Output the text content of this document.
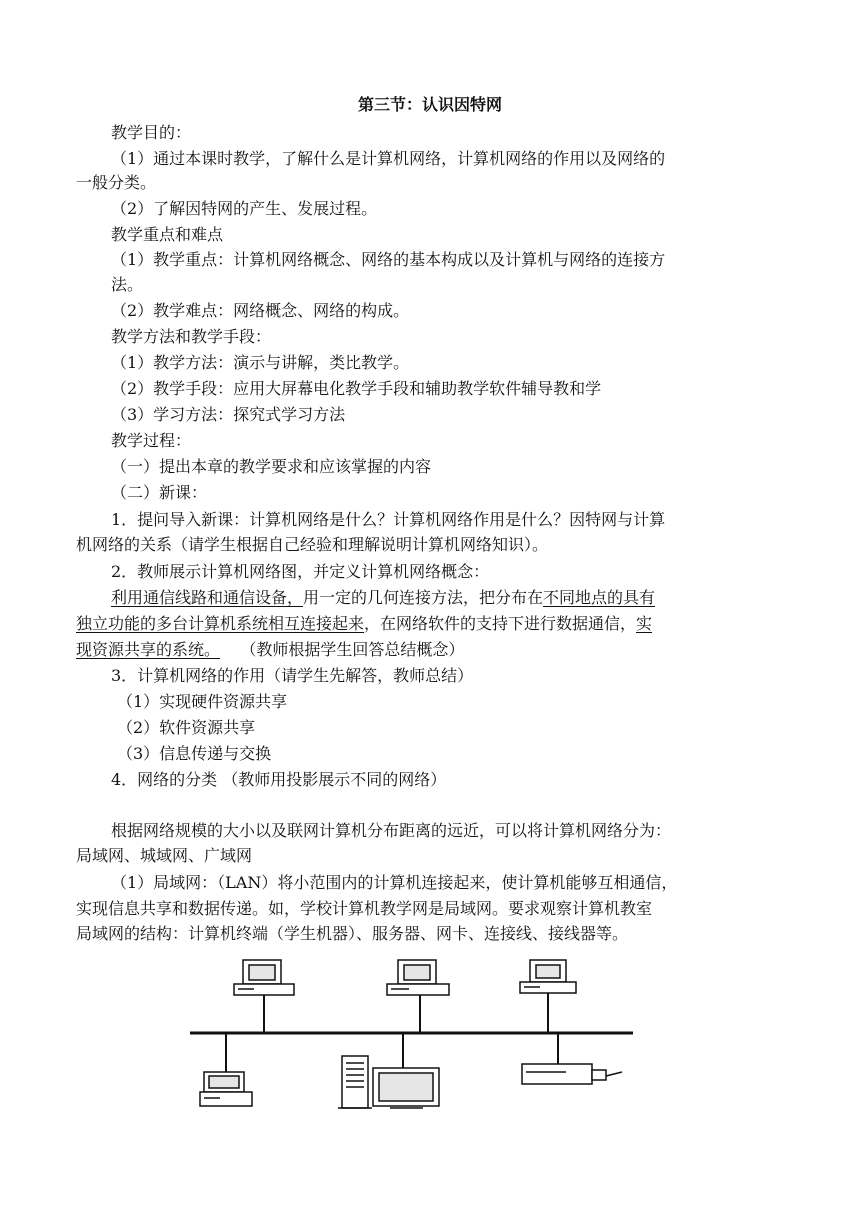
第三节：认识因特网
教学目的：
（1）通过本课时教学，了解什么是计算机网络，计算机网络的作用以及网络的
一般分类。
（2）了解因特网的产生、发展过程。
教学重点和难点
（1）教学重点：计算机网络概念、网络的基本构成以及计算机与网络的连接方
法。
（2）教学难点：网络概念、网络的构成。
教学方法和教学手段：
（1）教学方法：演示与讲解，类比教学。
（2）教学手段：应用大屏幕电化教学手段和辅助教学软件辅导教和学
（3）学习方法：探究式学习方法
教学过程：
（一）提出本章的教学要求和应该掌握的内容
（二）新课：
1．提问导入新课：计算机网络是什么？计算机网络作用是什么？因特网与计算
机网络的关系（请学生根据自己经验和理解说明计算机网络知识）。
2．教师展示计算机网络图，并定义计算机网络概念：
利用通信线路和通信设备，用一定的几何连接方法，把分布在不同地点的具有
独立功能的多台计算机系统相互连接起来，在网络软件的支持下进行数据通信，实
现资源共享的系统。 （教师根据学生回答总结概念）
3．计算机网络的作用（请学生先解答，教师总结）
（1）实现硬件资源共享
（2）软件资源共享
（3）信息传递与交换
4．网络的分类 （教师用投影展示不同的网络）
根据网络规模的大小以及联网计算机分布距离的远近，可以将计算机网络分为：
局域网、城域网、广域网
（1）局域网：（LAN）将小范围内的计算机连接起来，使计算机能够互相通信，
实现信息共享和数据传递。如，学校计算机教学网是局域网。要求观察计算机教室
局域网的结构：计算机终端（学生机器）、服务器、网卡、连接线、接线器等。
